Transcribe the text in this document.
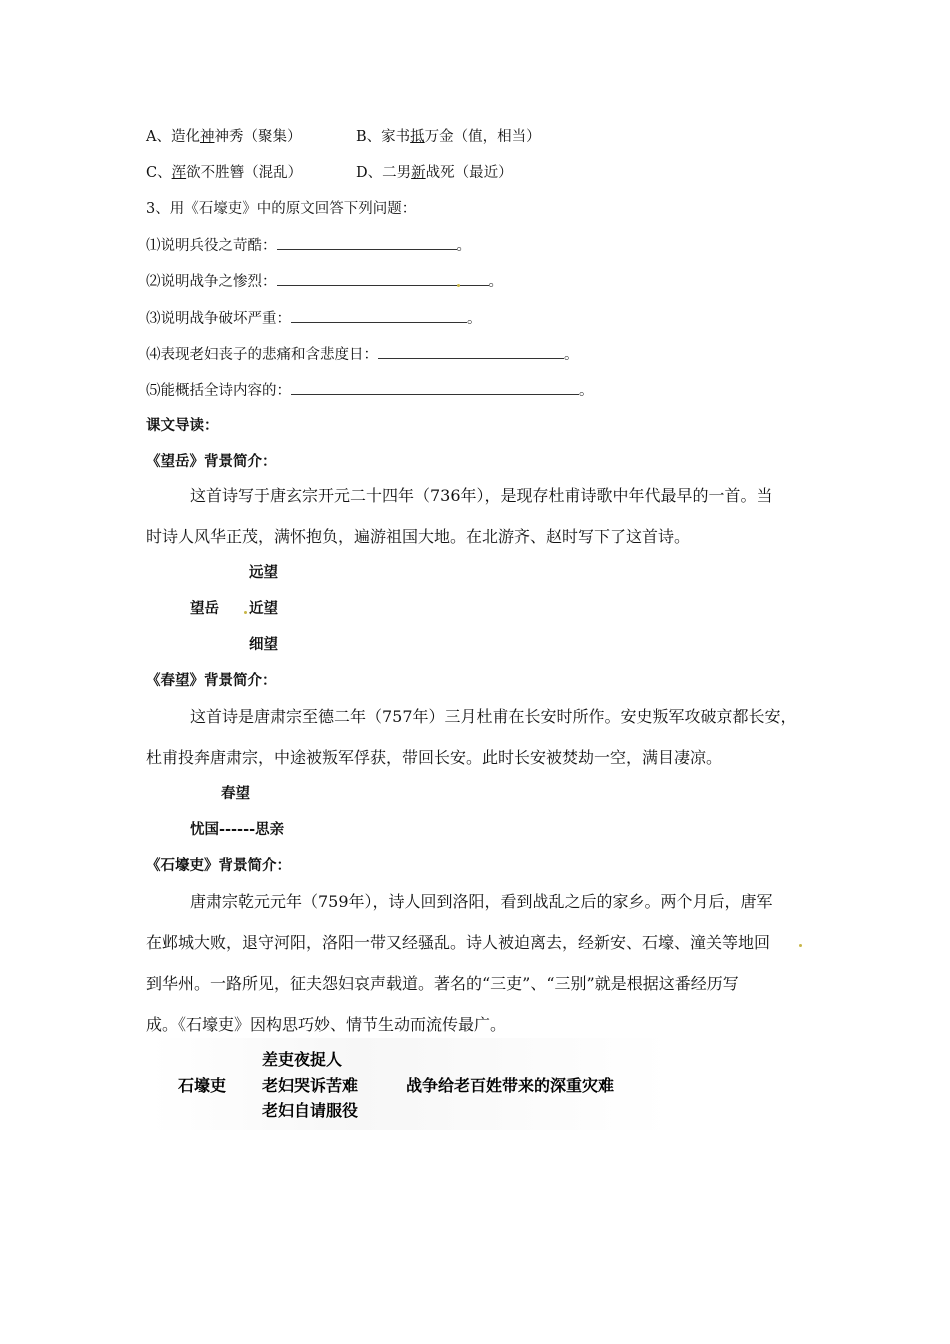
A、造化神神秀（聚集）	B、家书抵万金（值，相当）
C、浑欲不胜簪（混乱）	D、二男新战死（最近）
3、用《石壕吏》中的原文回答下列问题：
⑴说明兵役之苛酷：	。
⑵说明战争之惨烈：	。
⑶说明战争破坏严重：	。
⑷表现老妇丧子的悲痛和含悲度日：	。
⑸能概括全诗内容的：	。
课文导读：
《望岳》背景简介：
这首诗写于唐玄宗开元二十四年（736年），是现存杜甫诗歌中年代最早的一首。当
时诗人风华正茂，满怀抱负，遍游祖国大地。在北游齐、赵时写下了这首诗。
远望
望岳 近望
细望
《春望》背景简介：
这首诗是唐肃宗至德二年（757年）三月杜甫在长安时所作。安史叛军攻破京都长安，
杜甫投奔唐肃宗，中途被叛军俘获，带回长安。此时长安被焚劫一空，满目凄凉。
春望
忧国------思亲
《石壕吏》背景简介：
唐肃宗乾元元年（759年），诗人回到洛阳，看到战乱之后的家乡。两个月后，唐军
在邺城大败，退守河阳，洛阳一带又经骚乱。诗人被迫离去，经新安、石壕、潼关等地回
到华州。一路所见，征夫怨妇哀声载道。著名的“三吏”、“三别”就是根据这番经历写
成。《石壕吏》因构思巧妙、情节生动而流传最广。
差吏夜捉人
石壕吏 老妇哭诉苦难	战争给老百姓带来的深重灾难
老妇自请服役
